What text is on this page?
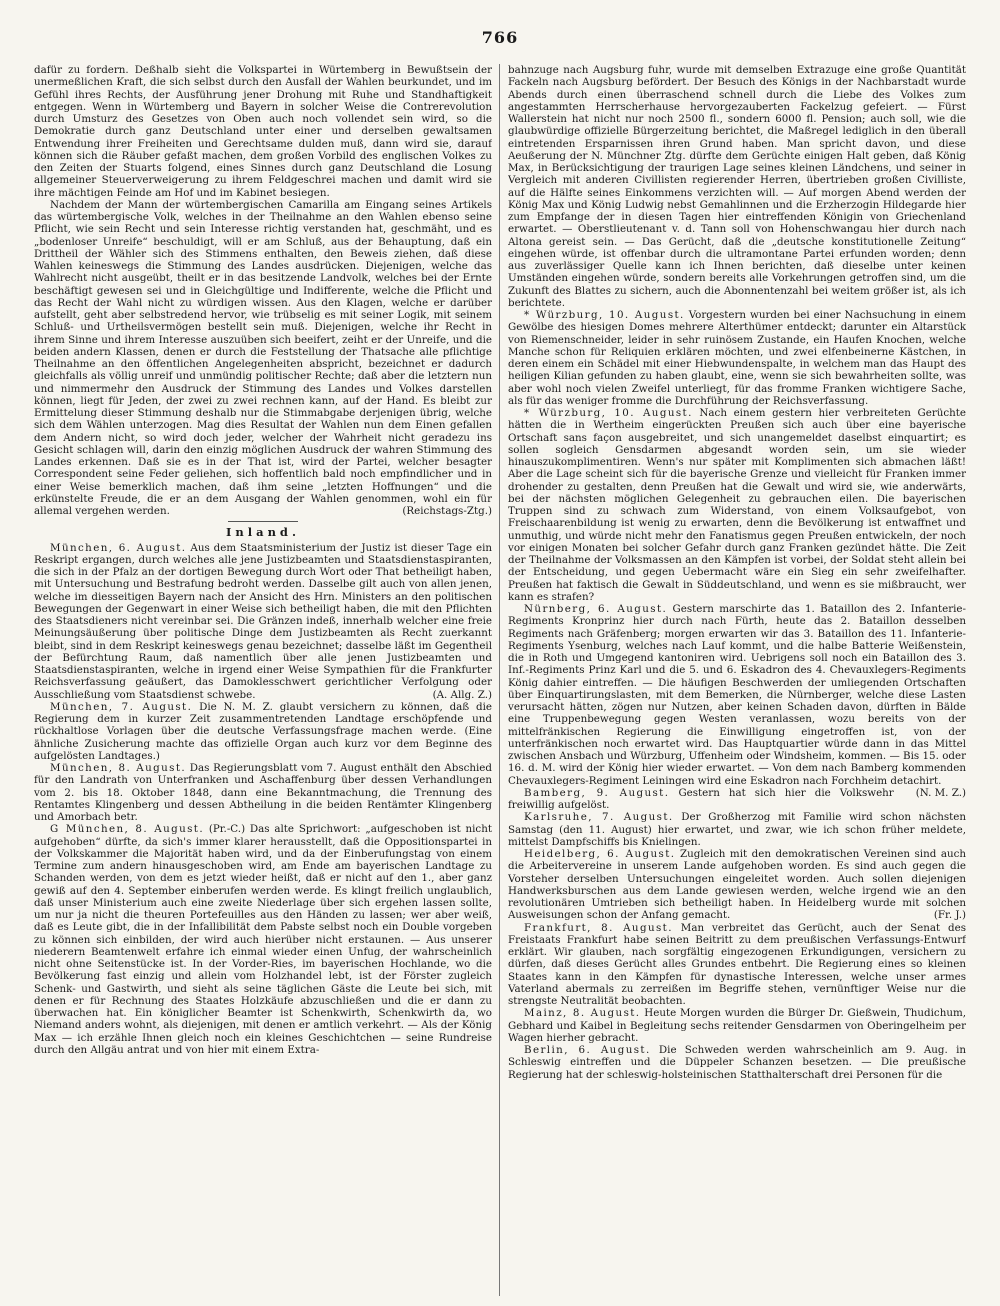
766

dafür zu fordern. Deßhalb sieht die Volkspartei in Würtemberg in Bewußtsein der unermeßlichen Kraft, die sich selbst durch den Ausfall der Wahlen beurkundet, und im Gefühl ihres Rechts, der Ausführung jener Drohung mit Ruhe und Standhaftigkeit entgegen. Wenn in Würtemberg und Bayern in solcher Weise die Contrerevolution durch Umsturz des Gesetzes von Oben auch noch vollendet sein wird, so die Demokratie durch ganz Deutschland unter einer und derselben gewaltsamen Entwendung ihrer Freiheiten und Gerechtsame dulden muß, dann wird sie, darauf können sich die Räuber gefaßt machen, dem großen Vorbild des englischen Volkes zu den Zeiten der Stuarts folgend, eines Sinnes durch ganz Deutschland die Losung allgemeiner Steuerverweigerung zu ihrem Feldgeschrei machen und damit wird sie ihre mächtigen Feinde am Hof und im Kabinet besiegen.

Nachdem der Mann der würtembergischen Camarilla am Eingang seines Artikels das würtembergische Volk, welches in der Theilnahme an den Wahlen ebenso seine Pflicht, wie sein Recht und sein Interesse richtig verstanden hat, geschmäht, und es „bodenloser Unreife“ beschuldigt, will er am Schluß, aus der Behauptung, daß ein Drittheil der Wähler sich des Stimmens enthalten, den Beweis ziehen, daß diese Wahlen keineswegs die Stimmung des Landes ausdrücken. Diejenigen, welche das Wahlrecht nicht ausgeübt, theilt er in das besitzende Landvolk, welches bei der Ernte beschäftigt gewesen sei und in Gleichgültige und Indifferente, welche die Pflicht und das Recht der Wahl nicht zu würdigen wissen. Aus den Klagen, welche er darüber aufstellt, geht aber selbstredend hervor, wie trübselig es mit seiner Logik, mit seinem Schluß- und Urtheilsvermögen bestellt sein muß. Diejenigen, welche ihr Recht in ihrem Sinne und ihrem Interesse auszuüben sich beeifert, zeiht er der Unreife, und die beiden andern Klassen, denen er durch die Feststellung der Thatsache alle pflichtige Theilnahme an den öffentlichen Angelegenheiten abspricht, bezeichnet er dadurch gleichfalls als völlig unreif und unmündig politischer Rechte; daß aber die letztern nun und nimmermehr den Ausdruck der Stimmung des Landes und Volkes darstellen können, liegt für Jeden, der zwei zu zwei rechnen kann, auf der Hand. Es bleibt zur Ermittelung dieser Stimmung deshalb nur die Stimmabgabe derjenigen übrig, welche sich dem Wählen unterzogen. Mag dies Resultat der Wahlen nun dem Einen gefallen dem Andern nicht, so wird doch jeder, welcher der Wahrheit nicht geradezu ins Gesicht schlagen will, darin den einzig möglichen Ausdruck der wahren Stimmung des Landes erkennen. Daß sie es in der That ist, wird der Partei, welcher besagter Correspondent seine Feder geliehen, sich hoffentlich bald noch empfindlicher und in einer Weise bemerklich machen, daß ihm seine „letzten Hoffnungen“ und die erkünstelte Freude, die er an dem Ausgang der Wahlen genommen, wohl ein für allemal vergehen werden.	(Reichstags-Ztg.)

Inland.

München, 6. August. Aus dem Staatsministerium der Justiz ist dieser Tage ein Reskript ergangen, durch welches alle jene Justizbeamten und Staatsdienstaspiranten, die sich in der Pfalz an der dortigen Bewegung durch Wort oder That betheiligt haben, mit Untersuchung und Bestrafung bedroht werden. Dasselbe gilt auch von allen jenen, welche im diesseitigen Bayern nach der Ansicht des Hrn. Ministers an den politischen Bewegungen der Gegenwart in einer Weise sich betheiligt haben, die mit den Pflichten des Staatsdieners nicht vereinbar sei. Die Gränzen indeß, innerhalb welcher eine freie Meinungsäußerung über politische Dinge dem Justizbeamten als Recht zuerkannt bleibt, sind in dem Reskript keineswegs genau bezeichnet; dasselbe läßt im Gegentheil der Befürchtung Raum, daß namentlich über alle jenen Justizbeamten und Staatsdienstaspiranten, welche in irgend einer Weise Sympathien für die Frankfurter Reichsverfassung geäußert, das Damoklesschwert gerichtlicher Verfolgung oder Ausschließung vom Staatsdienst schwebe.	(A. Allg. Z.)

München, 7. August. Die N. M. Z. glaubt versichern zu können, daß die Regierung dem in kurzer Zeit zusammentretenden Landtage erschöpfende und rückhaltlose Vorlagen über die deutsche Verfassungsfrage machen werde. (Eine ähnliche Zusicherung machte das offizielle Organ auch kurz vor dem Beginne des aufgelösten Landtages.)

München, 8. August. Das Regierungsblatt vom 7. August enthält den Abschied für den Landrath von Unterfranken und Aschaffenburg über dessen Verhandlungen vom 2. bis 18. Oktober 1848, dann eine Bekanntmachung, die Trennung des Rentamtes Klingenberg und dessen Abtheilung in die beiden Rentämter Klingenberg und Amorbach betr.

G München, 8. August. (Pr.-C.) Das alte Sprichwort: „aufgeschoben ist nicht aufgehoben“ dürfte, da sich's immer klarer herausstellt, daß die Oppositionspartei in der Volkskammer die Majorität haben wird, und da der Einberufungstag von einem Termine zum andern hinausgeschoben wird, am Ende am bayerischen Landtage zu Schanden werden, von dem es jetzt wieder heißt, daß er nicht auf den 1., aber ganz gewiß auf den 4. September einberufen werden werde. Es klingt freilich unglaublich, daß unser Ministerium auch eine zweite Niederlage über sich ergehen lassen sollte, um nur ja nicht die theuren Portefeuilles aus den Händen zu lassen; wer aber weiß, daß es Leute gibt, die in der Infallibilität dem Pabste selbst noch ein Double vorgeben zu können sich einbilden, der wird auch hierüber nicht erstaunen. — Aus unserer niederern Beamtenwelt erfahre ich einmal wieder einen Unfug, der wahrscheinlich nicht ohne Seitenstücke ist. In der Vorder-Ries, im bayerischen Hochlande, wo die Bevölkerung fast einzig und allein vom Holzhandel lebt, ist der Förster zugleich Schenk- und Gastwirth, und sieht als seine täglichen Gäste die Leute bei sich, mit denen er für Rechnung des Staates Holzkäufe abzuschließen und die er dann zu überwachen hat. Ein königlicher Beamter ist Schenkwirth, Schenkwirth da, wo Niemand anders wohnt, als diejenigen, mit denen er amtlich verkehrt. — Als der König Max — ich erzähle Ihnen gleich noch ein kleines Geschichtchen — seine Rundreise durch den Allgäu antrat und von hier mit einem Extra-

bahnzuge nach Augsburg fuhr, wurde mit demselben Extrazuge eine große Quantität Fackeln nach Augsburg befördert. Der Besuch des Königs in der Nachbarstadt wurde Abends durch einen überraschend schnell durch die Liebe des Volkes zum angestammten Herrscherhause hervorgezauberten Fackelzug gefeiert. — Fürst Wallerstein hat nicht nur noch 2500 fl., sondern 6000 fl. Pension; auch soll, wie die glaubwürdige offizielle Bürgerzeitung berichtet, die Maßregel lediglich in den überall eintretenden Ersparnissen ihren Grund haben. Man spricht davon, und diese Aeußerung der N. Münchner Ztg. dürfte dem Gerüchte einigen Halt geben, daß König Max, in Berücksichtigung der traurigen Lage seines kleinen Ländchens, und seiner in Vergleich mit anderen Civillisten regierender Herren, übertrieben großen Civilliste, auf die Hälfte seines Einkommens verzichten will. — Auf morgen Abend werden der König Max und König Ludwig nebst Gemahlinnen und die Erzherzogin Hildegarde hier zum Empfange der in diesen Tagen hier eintreffenden Königin von Griechenland erwartet. — Oberstlieutenant v. d. Tann soll von Hohenschwangau hier durch nach Altona gereist sein. — Das Gerücht, daß die „deutsche konstitutionelle Zeitung“ eingehen würde, ist offenbar durch die ultramontane Partei erfunden worden; denn aus zuverlässiger Quelle kann ich Ihnen berichten, daß dieselbe unter keinen Umständen eingehen würde, sondern bereits alle Vorkehrungen getroffen sind, um die Zukunft des Blattes zu sichern, auch die Abonnentenzahl bei weitem größer ist, als ich berichtete.

* Würzburg, 10. August. Vorgestern wurden bei einer Nachsuchung in einem Gewölbe des hiesigen Domes mehrere Alterthümer entdeckt; darunter ein Altarstück von Riemenschneider, leider in sehr ruinösem Zustande, ein Haufen Knochen, welche Manche schon für Reliquien erklären möchten, und zwei elfenbeinerne Kästchen, in deren einem ein Schädel mit einer Hiebwundenspalte, in welchem man das Haupt des heiligen Kilian gefunden zu haben glaubt, eine, wenn sie sich bewahrheiten sollte, was aber wohl noch vielen Zweifel unterliegt, für das fromme Franken wichtigere Sache, als für das weniger fromme die Durchführung der Reichsverfassung.

* Würzburg, 10. August. Nach einem gestern hier verbreiteten Gerüchte hätten die in Wertheim eingerückten Preußen sich auch über eine bayerische Ortschaft sans façon ausgebreitet, und sich unangemeldet daselbst einquartirt; es sollen sogleich Gensdarmen abgesandt worden sein, um sie wieder hinauszukomplimentiren. Wenn's nur später mit Komplimenten sich abmachen läßt! Aber die Lage scheint sich für die bayerische Grenze und vielleicht für Franken immer drohender zu gestalten, denn Preußen hat die Gewalt und wird sie, wie anderwärts, bei der nächsten möglichen Gelegenheit zu gebrauchen eilen. Die bayerischen Truppen sind zu schwach zum Widerstand, von einem Volksaufgebot, von Freischaarenbildung ist wenig zu erwarten, denn die Bevölkerung ist entwaffnet und unmuthig, und würde nicht mehr den Fanatismus gegen Preußen entwickeln, der noch vor einigen Monaten bei solcher Gefahr durch ganz Franken gezündet hätte. Die Zeit der Theilnahme der Volksmassen an den Kämpfen ist vorbei, der Soldat steht allein bei der Entscheidung, und gegen Uebermacht wäre ein Sieg ein sehr zweifelhafter. Preußen hat faktisch die Gewalt in Süddeutschland, und wenn es sie mißbraucht, wer kann es strafen?

Nürnberg, 6. August. Gestern marschirte das 1. Bataillon des 2. Infanterie-Regiments Kronprinz hier durch nach Fürth, heute das 2. Bataillon desselben Regiments nach Gräfenberg; morgen erwarten wir das 3. Bataillon des 11. Infanterie-Regiments Ysenburg, welches nach Lauf kommt, und die halbe Batterie Weißenstein, die in Roth und Umgegend kantoniren wird. Uebrigens soll noch ein Bataillon des 3. Inf.-Regiments Prinz Karl und die 5. und 6. Eskadron des 4. Chevauxlegers-Regiments König dahier eintreffen. — Die häufigen Beschwerden der umliegenden Ortschaften über Einquartirungslasten, mit dem Bemerken, die Nürnberger, welche diese Lasten verursacht hätten, zögen nur Nutzen, aber keinen Schaden davon, dürften in Bälde eine Truppenbewegung gegen Westen veranlassen, wozu bereits von der mittelfränkischen Regierung die Einwilligung eingetroffen ist, von der unterfränkischen noch erwartet wird. Das Hauptquartier würde dann in das Mittel zwischen Ansbach und Würzburg, Uffenheim oder Windsheim, kommen. — Bis 15. oder 16. d. M. wird der König hier wieder erwartet. — Von dem nach Bamberg kommenden Chevauxlegers-Regiment Leiningen wird eine Eskadron nach Forchheim detachirt.
(N. M. Z.)

Bamberg, 9. August. Gestern hat sich hier die Volkswehr freiwillig aufgelöst.

Karlsruhe, 7. August. Der Großherzog mit Familie wird schon nächsten Samstag (den 11. August) hier erwartet, und zwar, wie ich schon früher meldete, mittelst Dampfschiffs bis Knielingen.

Heidelberg, 6. August. Zugleich mit den demokratischen Vereinen sind auch die Arbeitervereine in unserem Lande aufgehoben worden. Es sind auch gegen die Vorsteher derselben Untersuchungen eingeleitet worden. Auch sollen diejenigen Handwerksburschen aus dem Lande gewiesen werden, welche irgend wie an den revolutionären Umtrieben sich betheiligt haben. In Heidelberg wurde mit solchen Ausweisungen schon der Anfang gemacht.	(Fr. J.)

Frankfurt, 8. August. Man verbreitet das Gerücht, auch der Senat des Freistaats Frankfurt habe seinen Beitritt zu dem preußischen Verfassungs-Entwurf erklärt. Wir glauben, nach sorgfältig eingezogenen Erkundigungen, versichern zu dürfen, daß dieses Gerücht alles Grundes entbehrt. Die Regierung eines so kleinen Staates kann in den Kämpfen für dynastische Interessen, welche unser armes Vaterland abermals zu zerreißen im Begriffe stehen, vernünftiger Weise nur die strengste Neutralität beobachten.

Mainz, 8. August. Heute Morgen wurden die Bürger Dr. Gießwein, Thudichum, Gebhard und Kaibel in Begleitung sechs reitender Gensdarmen von Oberingelheim per Wagen hierher gebracht.

Berlin, 6. August. Die Schweden werden wahrscheinlich am 9. Aug. in Schleswig eintreffen und die Düppeler Schanzen besetzen. — Die preußische Regierung hat der schleswig-holsteinischen Statthalterschaft drei Personen für die
